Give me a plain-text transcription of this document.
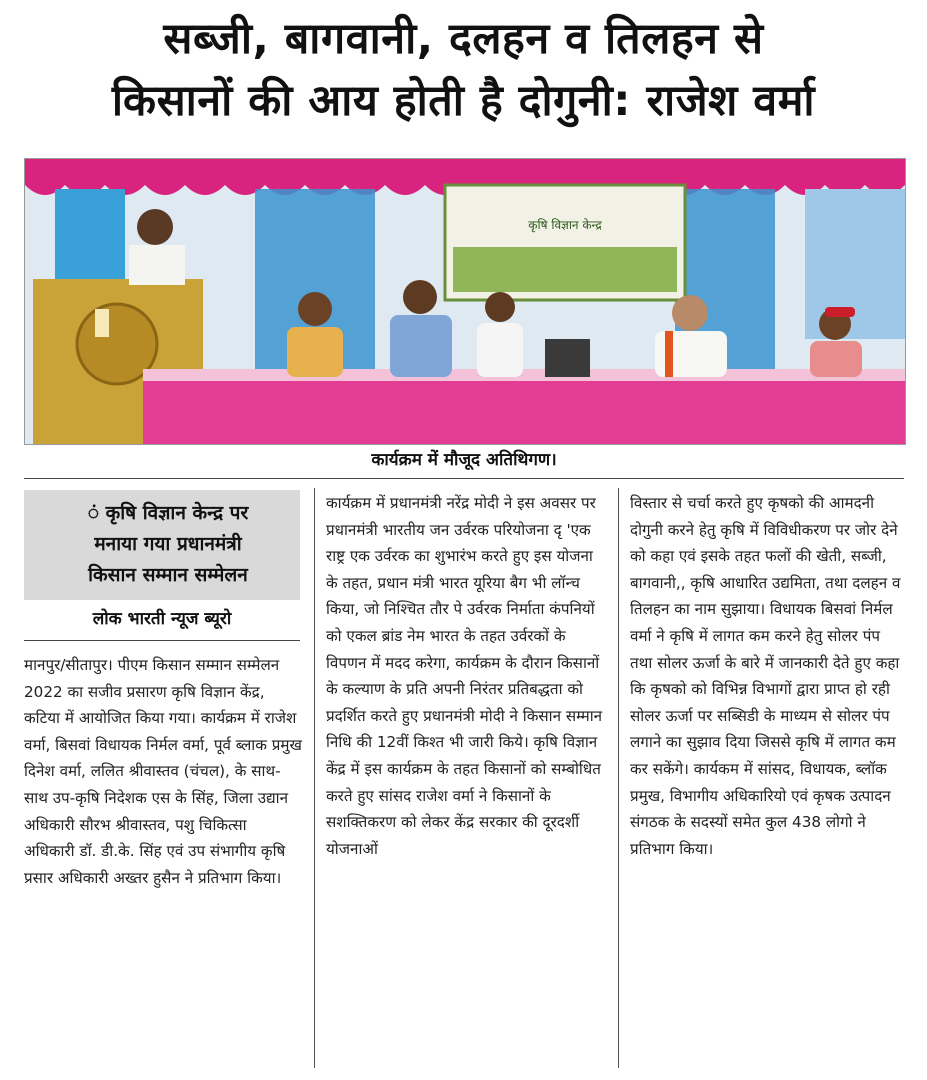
सब्जी, बागवानी, दलहन व तिलहन से
किसानों की आय होती है दोगुनी: राजेश वर्मा
कृषि विज्ञान केन्द्र
कार्यक्रम में मौजूद अतिथिगण।
ं कृषि विज्ञान केन्द्र पर
मनाया गया प्रधानमंत्री
किसान सम्मान सम्मेलन
लोक भारती न्यूज ब्यूरो

मानपुर/सीतापुर। पीएम किसान सम्मान सम्मेलन 2022 का सजीव प्रसारण कृषि विज्ञान केंद्र, कटिया में आयोजित किया गया। कार्यक्रम में राजेश वर्मा, बिसवां विधायक निर्मल वर्मा, पूर्व ब्लाक प्रमुख दिनेश वर्मा, ललित श्रीवास्तव (चंचल), के साथ- साथ उप-कृषि निदेशक एस के सिंह, जिला उद्यान अधिकारी सौरभ श्रीवास्तव, पशु चिकित्सा अधिकारी डॉ. डी.के. सिंह एवं उप संभागीय कृषि प्रसार अधिकारी अख्तर हुसैन ने प्रतिभाग किया।

कार्यक्रम में प्रधानमंत्री नरेंद्र मोदी ने इस अवसर पर प्रधानमंत्री भारतीय जन उर्वरक परियोजना दृ 'एक राष्ट्र एक उर्वरक का शुभारंभ करते हुए इस योजना के तहत, प्रधान मंत्री भारत यूरिया बैग भी लॉन्च किया, जो निश्चित तौर पे उर्वरक निर्माता कंपनियों को एकल ब्रांड नेम भारत के तहत उर्वरकों के विपणन में मदद करेगा, कार्यक्रम के दौरान किसानों के कल्याण के प्रति अपनी निरंतर प्रतिबद्धता को प्रदर्शित करते हुए प्रधानमंत्री मोदी ने किसान सम्मान निधि की 12वीं किश्त भी जारी किये। कृषि विज्ञान केंद्र में इस कार्यक्रम के तहत किसानों को सम्बोधित करते हुए सांसद राजेश वर्मा ने किसानों के सशक्तिकरण को लेकर केंद्र सरकार की दूरदर्शी योजनाओं

विस्तार से चर्चा करते हुए कृषको की आमदनी दोगुनी करने हेतु कृषि में विविधीकरण पर जोर देने को कहा एवं इसके तहत फलों की खेती, सब्जी, बागवानी,, कृषि आधारित उद्यमिता, तथा दलहन व तिलहन का नाम सुझाया। विधायक बिसवां निर्मल वर्मा ने कृषि में लागत कम करने हेतु सोलर पंप तथा सोलर ऊर्जा के बारे में जानकारी देते हुए कहा कि कृषको को विभिन्न विभागों द्वारा प्राप्त हो रही सोलर ऊर्जा पर सब्सिडी के माध्यम से सोलर पंप लगाने का सुझाव दिया जिससे कृषि में लागत कम कर सकेंगे। कार्यकम में सांसद, विधायक, ब्लॉक प्रमुख, विभागीय अधिकारियो एवं कृषक उत्पादन संगठक के सदस्यों समेत कुल 438 लोगो ने प्रतिभाग किया।
